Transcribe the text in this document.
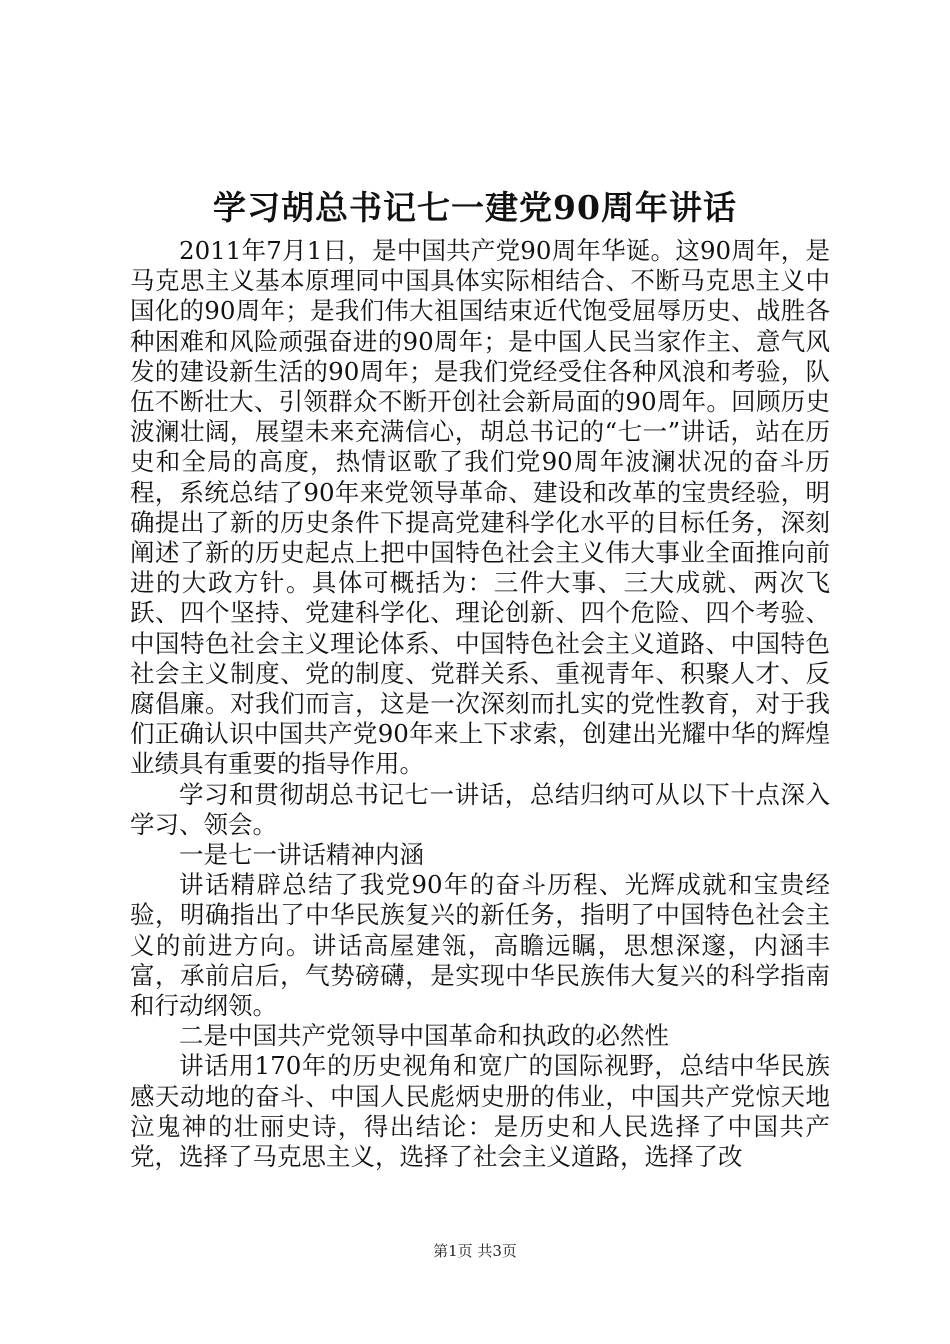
学习胡总书记七一建党90周年讲话

2011年7月1日，是中国共产党90周年华诞。这90周年，是马克思主义基本原理同中国具体实际相结合、不断马克思主义中国化的90周年；是我们伟大祖国结束近代饱受屈辱历史、战胜各种困难和风险顽强奋进的90周年；是中国人民当家作主、意气风发的建设新生活的90周年；是我们党经受住各种风浪和考验，队伍不断壮大、引领群众不断开创社会新局面的90周年。回顾历史波澜壮阔，展望未来充满信心，胡总书记的“七一”讲话，站在历史和全局的高度，热情讴歌了我们党90周年波澜状况的奋斗历程，系统总结了90年来党领导革命、建设和改革的宝贵经验，明确提出了新的历史条件下提高党建科学化水平的目标任务，深刻阐述了新的历史起点上把中国特色社会主义伟大事业全面推向前进的大政方针。具体可概括为：三件大事、三大成就、两次飞跃、四个坚持、党建科学化、理论创新、四个危险、四个考验、中国特色社会主义理论体系、中国特色社会主义道路、中国特色社会主义制度、党的制度、党群关系、重视青年、积聚人才、反腐倡廉。对我们而言，这是一次深刻而扎实的党性教育，对于我们正确认识中国共产党90年来上下求索，创建出光耀中华的辉煌业绩具有重要的指导作用。

学习和贯彻胡总书记七一讲话，总结归纳可从以下十点深入学习、领会。

一是七一讲话精神内涵

讲话精辟总结了我党90年的奋斗历程、光辉成就和宝贵经验，明确指出了中华民族复兴的新任务，指明了中国特色社会主义的前进方向。讲话高屋建瓴，高瞻远瞩，思想深邃，内涵丰富，承前启后，气势磅礴，是实现中华民族伟大复兴的科学指南和行动纲领。

二是中国共产党领导中国革命和执政的必然性

讲话用170年的历史视角和宽广的国际视野，总结中华民族感天动地的奋斗、中国人民彪炳史册的伟业，中国共产党惊天地泣鬼神的壮丽史诗，得出结论：是历史和人民选择了中国共产党，选择了马克思主义，选择了社会主义道路，选择了改

第1页 共3页
